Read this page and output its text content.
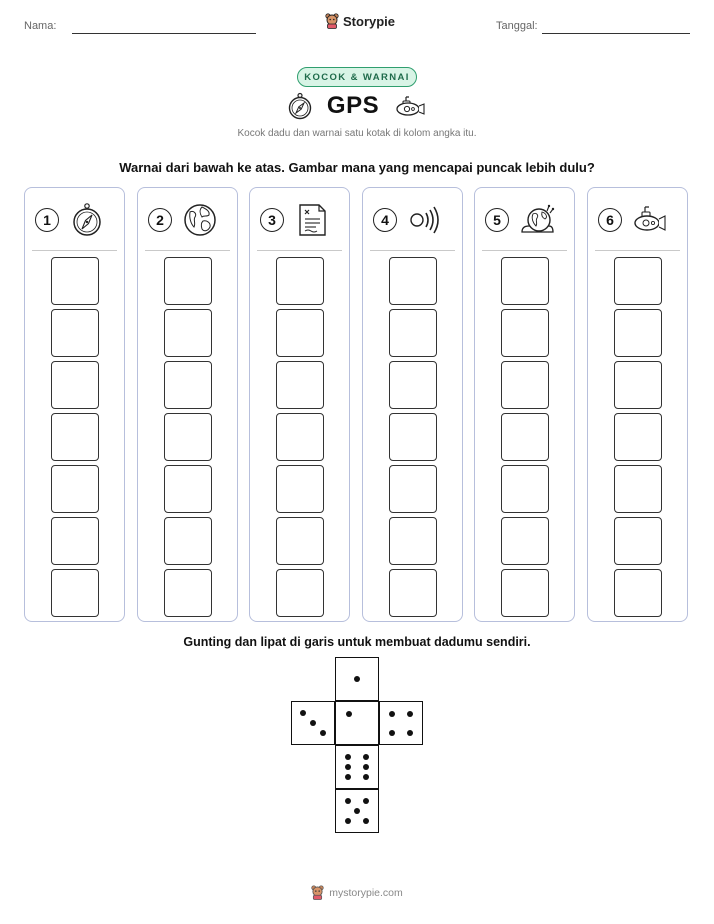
Nama:	Storypie	Tanggal:
KOCOK & WARNAI
GPS
Kocok dadu dan warnai satu kotak di kolom angka itu.
Warnai dari bawah ke atas. Gambar mana yang mencapai puncak lebih dulu?
1	2	3	4	5	6
Gunting dan lipat di garis untuk membuat dadumu sendiri.
mystorypie.com
